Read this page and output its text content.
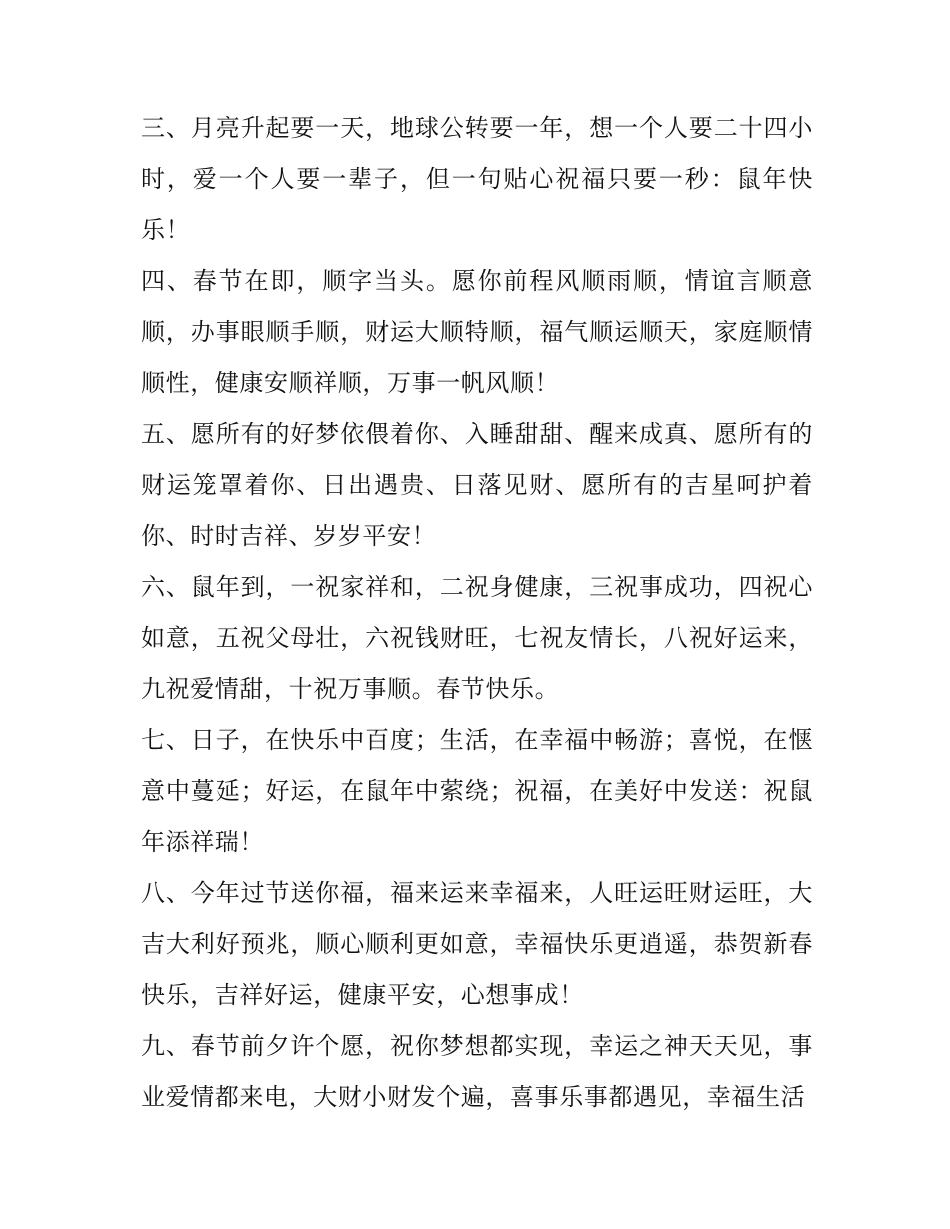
三、月亮升起要一天，地球公转要一年，想一个人要二十四小时，爱一个人要一辈子，但一句贴心祝福只要一秒：鼠年快乐！

四、春节在即，顺字当头。愿你前程风顺雨顺，情谊言顺意顺，办事眼顺手顺，财运大顺特顺，福气顺运顺天，家庭顺情顺性，健康安顺祥顺，万事一帆风顺！

五、愿所有的好梦依偎着你、入睡甜甜、醒来成真、愿所有的财运笼罩着你、日出遇贵、日落见财、愿所有的吉星呵护着你、时时吉祥、岁岁平安！

六、鼠年到，一祝家祥和，二祝身健康，三祝事成功，四祝心如意，五祝父母壮，六祝钱财旺，七祝友情长，八祝好运来，九祝爱情甜，十祝万事顺。春节快乐。

七、日子，在快乐中百度；生活，在幸福中畅游；喜悦，在惬意中蔓延；好运，在鼠年中萦绕；祝福，在美好中发送：祝鼠年添祥瑞！

八、今年过节送你福，福来运来幸福来，人旺运旺财运旺，大吉大利好预兆，顺心顺利更如意，幸福快乐更逍遥，恭贺新春快乐，吉祥好运，健康平安，心想事成！

九、春节前夕许个愿，祝你梦想都实现，幸运之神天天见，事业爱情都来电，大财小财发个遍，喜事乐事都遇见，幸福生活
